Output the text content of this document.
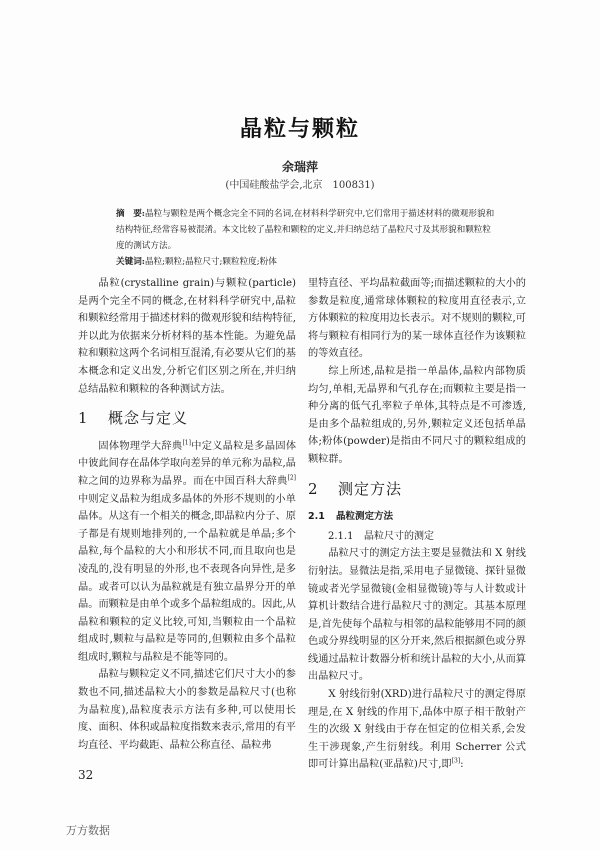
晶粒与颗粒
余瑞萍
(中国硅酸盐学会,北京　100831)

摘　要:晶粒与颗粒是两个概念完全不同的名词,在材料科学研究中,它们常用于描述材料的微观形貌和结构特征,经常容易被混淆。本文比较了晶粒和颗粒的定义,并归纳总结了晶粒尺寸及其形貌和颗粒粒度的测试方法。

关键词:晶粒;颗粒;晶粒尺寸;颗粒粒度;粉体

晶粒(crystalline grain)与颗粒(particle)是两个完全不同的概念,在材料科学研究中,晶粒和颗粒经常用于描述材料的微观形貌和结构特征,并以此为依据来分析材料的基本性能。为避免晶粒和颗粒这两个名词相互混淆,有必要从它们的基本概念和定义出发,分析它们区别之所在,并归纳总结晶粒和颗粒的各种测试方法。

1 概念与定义

固体物理学大辞典[1]中定义晶粒是多晶固体中彼此间存在晶体学取向差异的单元称为晶粒,晶粒之间的边界称为晶界。而在中国百科大辞典[2]中则定义晶粒为组成多晶体的外形不规则的小单晶体。从这有一个相关的概念,即晶粒内分子、原子都是有规则地排列的,一个晶粒就是单晶;多个晶粒,每个晶粒的大小和形状不同,而且取向也是凌乱的,没有明显的外形,也不表现各向异性,是多晶。或者可以认为晶粒就是有独立晶界分开的单晶。而颗粒是由单个或多个晶粒组成的。因此,从晶粒和颗粒的定义比较,可知,当颗粒由一个晶粒组成时,颗粒与晶粒是等同的,但颗粒由多个晶粒组成时,颗粒与晶粒是不能等同的。

晶粒与颗粒定义不同,描述它们尺寸大小的参数也不同,描述晶粒大小的参数是晶粒尺寸(也称为晶粒度),晶粒度表示方法有多种,可以使用长度、面积、体积或晶粒度指数来表示,常用的有平均直径、平均截距、晶粒公称直径、晶粒弗

里特直径、平均晶粒截面等;而描述颗粒的大小的参数是粒度,通常球体颗粒的粒度用直径表示,立方体颗粒的粒度用边长表示。对不规则的颗粒,可将与颗粒有相同行为的某一球体直径作为该颗粒的等效直径。

综上所述,晶粒是指一单晶体,晶粒内部物质均匀,单相,无晶界和气孔存在;而颗粒主要是指一种分离的低气孔率粒子单体,其特点是不可渗透,是由多个晶粒组成的,另外,颗粒定义还包括单晶体;粉体(powder)是指由不同尺寸的颗粒组成的颗粒群。

2 测定方法
2.1 晶粒测定方法
2.1.1 晶粒尺寸的测定

晶粒尺寸的测定方法主要是显微法和 X 射线衍射法。显微法是指,采用电子显微镜、探针显微镜或者光学显微镜(金相显微镜)等与人计数或计算机计数结合进行晶粒尺寸的测定。其基本原理是,首先使每个晶粒与相邻的晶粒能够用不同的颜色或分界线明显的区分开来,然后根据颜色或分界线通过晶粒计数器分析和统计晶粒的大小,从而算出晶粒尺寸。

X 射线衍射(XRD)进行晶粒尺寸的测定得原理是,在 X 射线的作用下,晶体中原子相干散射产生的次级 X 射线由于存在恒定的位相关系,会发生干涉现象,产生衍射线。利用 Scherrer 公式即可计算出晶粒(亚晶粒)尺寸,即[3]:

32
万方数据
